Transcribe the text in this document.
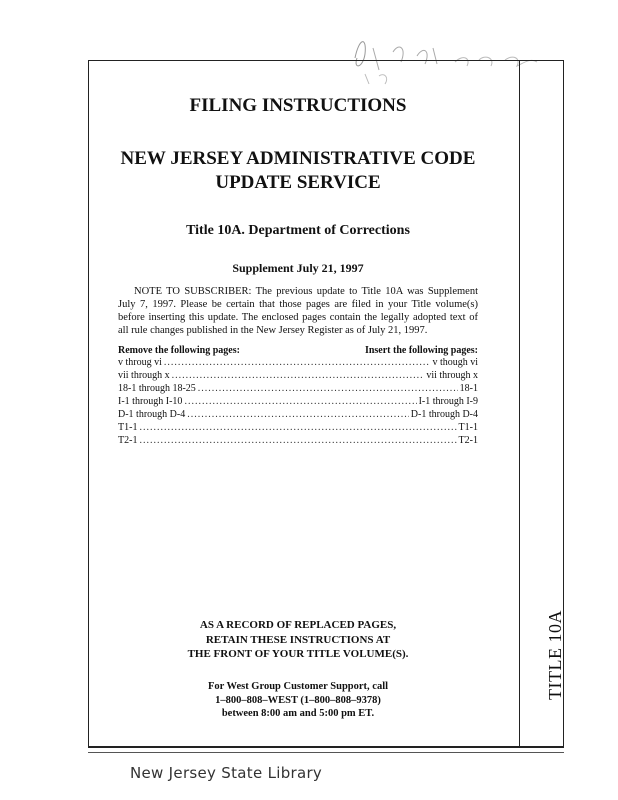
TITLE 10A

FILING INSTRUCTIONS

NEW JERSEY ADMINISTRATIVE CODE

UPDATE SERVICE

Title 10A. Department of Corrections

Supplement July 21, 1997

NOTE TO SUBSCRIBER: The previous update to Title 10A was Supplement July 7, 1997. Please be certain that those pages are filed in your Title volume(s) before inserting this update. The enclosed pages contain the legally adopted text of all rule changes published in the New Jersey Register as of July 21, 1997.

Remove the following pages:	Insert the following pages:
v throug vi .....	v though vi
vii through x .....	vii through x
18-1 through 18-25 .....	18-1
I-1 through I-10 .....	I-1 through I-9
D-1 through D-4 .....	D-1 through D-4
T1-1 .....	T1-1
T2-1 .....	T2-1
AS A RECORD OF REPLACED PAGES,
RETAIN THESE INSTRUCTIONS AT
THE FRONT OF YOUR TITLE VOLUME(S).
For West Group Customer Support, call
1–800–808–WEST (1–800–808–9378)
between 8:00 am and 5:00 pm ET.
New Jersey State Library
